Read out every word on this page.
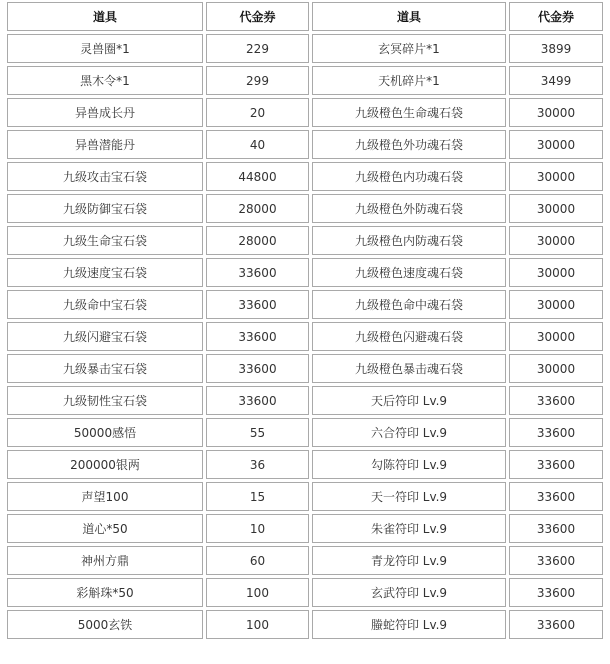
道具	代金券	道具	代金券
灵兽圈*1	229	玄冥碎片*1	3899
黑木令*1	299	天机碎片*1	3499
异兽成长丹	20	九级橙色生命魂石袋	30000
异兽潜能丹	40	九级橙色外功魂石袋	30000
九级攻击宝石袋	44800	九级橙色内功魂石袋	30000
九级防御宝石袋	28000	九级橙色外防魂石袋	30000
九级生命宝石袋	28000	九级橙色内防魂石袋	30000
九级速度宝石袋	33600	九级橙色速度魂石袋	30000
九级命中宝石袋	33600	九级橙色命中魂石袋	30000
九级闪避宝石袋	33600	九级橙色闪避魂石袋	30000
九级暴击宝石袋	33600	九级橙色暴击魂石袋	30000
九级韧性宝石袋	33600	天后符印 Lv.9	33600
50000感悟	55	六合符印 Lv.9	33600
200000银两	36	勾陈符印 Lv.9	33600
声望100	15	天一符印 Lv.9	33600
道心*50	10	朱雀符印 Lv.9	33600
神州方鼎	60	青龙符印 Lv.9	33600
彩斛珠*50	100	玄武符印 Lv.9	33600
5000玄铁	100	螣蛇符印 Lv.9	33600
